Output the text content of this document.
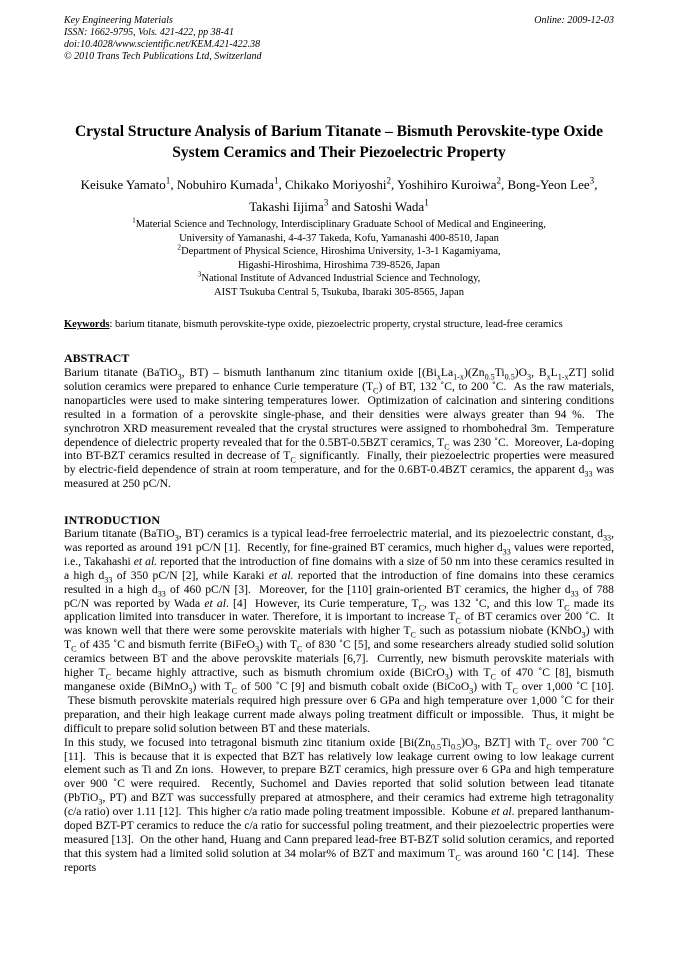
Key Engineering Materials
ISSN: 1662-9795, Vols. 421-422, pp 38-41
doi:10.4028/www.scientific.net/KEM.421-422.38
© 2010 Trans Tech Publications Ltd, Switzerland
Online: 2009-12-03
Crystal Structure Analysis of Barium Titanate – Bismuth Perovskite-type Oxide
System Ceramics and Their Piezoelectric Property
Keisuke Yamato$^1$, Nobuhiro Kumada$^1$, Chikako Moriyoshi$^2$, Yoshihiro Kuroiwa$^2$, Bong-Yeon Lee$^3$,
Takashi Iijima$^3$ and Satoshi Wada$^1$
$^1$Material Science and Technology, Interdisciplinary Graduate School of Medical and Engineering,
University of Yamanashi, 4-4-37 Takeda, Kofu, Yamanashi 400-8510, Japan
$^2$Department of Physical Science, Hiroshima University, 1-3-1 Kagamiyama,
Higashi-Hiroshima, Hiroshima 739-8526, Japan
$^3$National Institute of Advanced Industrial Science and Technology,
AIST Tsukuba Central 5, Tsukuba, Ibaraki 305-8565, Japan
Keywords: barium titanate, bismuth perovskite-type oxide, piezoelectric property, crystal structure, lead-free ceramics
ABSTRACT

Barium titanate (BaTiO$_3$, BT) – bismuth lanthanum zinc titanium oxide [$(Bi_xLa_{1-x})(Zn_{0.5}Ti_{0.5})O_3$, $B_xL_{1-x}ZT$] solid solution ceramics were prepared to enhance Curie temperature $(T_C)$ of BT, 132 ˚C, to 200 ˚C.  As the raw materials, nanoparticles were used to make sintering temperatures lower.  Optimization of calcination and sintering conditions resulted in a formation of a perovskite single-phase, and their densities were always greater than 94 %.  The synchrotron XRD measurement revealed that the crystal structures were assigned to rhombohedral 3m.  Temperature dependence of dielectric property revealed that for the 0.5BT-0.5BZT ceramics, $T_C$ was 230 ˚C.  Moreover, La-doping into BT-BZT ceramics resulted in decrease of $T_C$ significantly.  Finally, their piezoelectric properties were measured by electric-field dependence of strain at room temperature, and for the 0.6BT-0.4BZT ceramics, the apparent $d_{33}$ was measured at 250 pC/N.

INTRODUCTION

Barium titanate (BaTiO$_3$, BT) ceramics is a typical lead-free ferroelectric material, and its piezoelectric constant, $d_{33}$, was reported as around 191 pC/N [1].  Recently, for fine-grained BT ceramics, much higher $d_{33}$ values were reported, i.e., Takahashi et al. reported that the introduction of fine domains with a size of 50 nm into these ceramics resulted in a high $d_{33}$ of 350 pC/N [2], while Karaki et al. reported that the introduction of fine domains into these ceramics resulted in a high $d_{33}$ of 460 pC/N [3].  Moreover, for the [110] grain-oriented BT ceramics, the higher $d_{33}$ of 788 pC/N was reported by Wada et al. [4]  However, its Curie temperature, $T_C$, was 132 ˚C, and this low $T_C$ made its application limited into transducer in water. Therefore, it is important to increase $T_C$ of BT ceramics over 200 ˚C.  It was known well that there were some perovskite materials with higher $T_C$ such as potassium niobate (KNbO$_3$) with $T_C$ of 435 ˚C and bismuth ferrite (BiFeO$_3$) with $T_C$ of 830 ˚C [5], and some researchers already studied solid solution ceramics between BT and the above perovskite materials [6,7].  Currently, new bismuth perovskite materials with higher $T_C$ became highly attractive, such as bismuth chromium oxide (BiCrO$_3$) with $T_C$ of 470 ˚C [8], bismuth manganese oxide (BiMnO$_3$) with $T_C$ of 500 ˚C [9] and bismuth cobalt oxide (BiCoO$_3$) with $T_C$ over 1,000 ˚C [10].  These bismuth perovskite materials required high pressure over 6 GPa and high temperature over 1,000 ˚C for their preparation, and their high leakage current made always poling treatment difficult or impossible.  Thus, it might be difficult to prepare solid solution between BT and these materials.

In this study, we focused into tetragonal bismuth zinc titanium oxide [$Bi(Zn_{0.5}Ti_{0.5})O_3$, BZT] with $T_C$ over 700 ˚C [11].  This is because that it is expected that BZT has relatively low leakage current owing to low leakage current element such as Ti and Zn ions.  However, to prepare BZT ceramics, high pressure over 6 GPa and high temperature over 900 ˚C were required.  Recently, Suchomel and Davies reported that solid solution between lead titanate (PbTiO$_3$, PT) and BZT was successfully prepared at atmosphere, and their ceramics had extreme high tetragonality (c/a ratio) over 1.11 [12].  This higher c/a ratio made poling treatment impossible.  Kobune et al. prepared lanthanum-doped BZT-PT ceramics to reduce the c/a ratio for successful poling treatment, and their piezoelectric properties were measured [13].  On the other hand, Huang and Cann prepared lead-free BT-BZT solid solution ceramics, and reported that this system had a limited solid solution at 34 molar% of BZT and maximum $T_C$ was around 160 ˚C [14].  These reports
